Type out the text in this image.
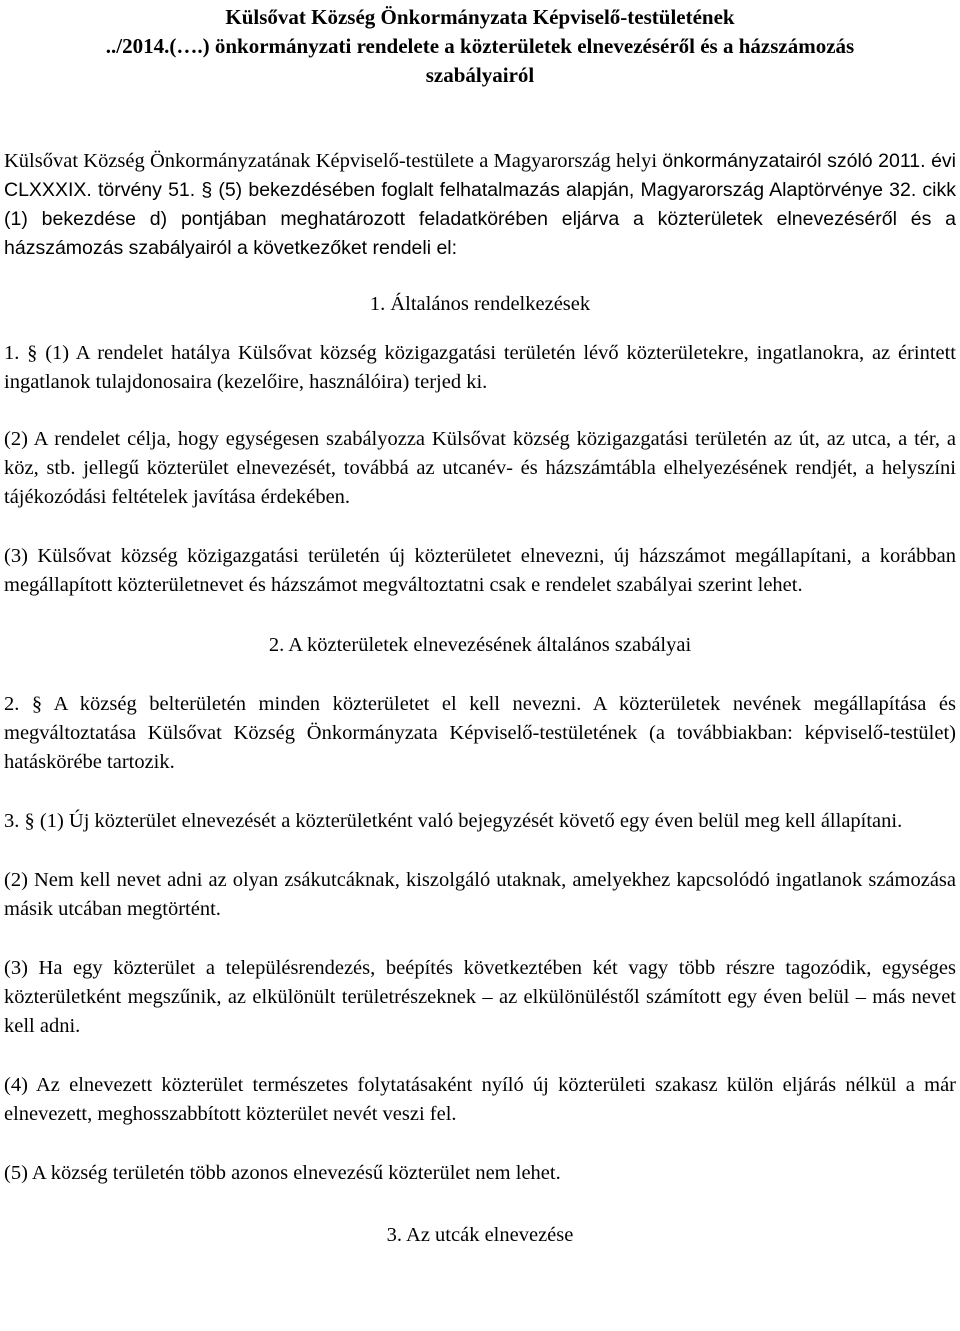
Külsővat Község Önkormányzata Képviselő-testületének
../2014.(….) önkormányzati rendelete a közterületek elnevezéséről és a házszámozás
szabályairól

Külsővat Község Önkormányzatának Képviselő-testülete a Magyarország helyi önkormányzatairól szóló 2011. évi CLXXXIX. törvény 51. § (5) bekezdésében foglalt felhatalmazás alapján, Magyarország Alaptörvénye 32. cikk (1) bekezdése d) pontjában meghatározott feladatkörében eljárva a közterületek elnevezéséről és a házszámozás szabályairól a következőket rendeli el:

1. Általános rendelkezések

1. § (1) A rendelet hatálya Külsővat község közigazgatási területén lévő közterületekre, ingatlanokra, az érintett ingatlanok tulajdonosaira (kezelőire, használóira) terjed ki.

(2) A rendelet célja, hogy egységesen szabályozza Külsővat község közigazgatási területén az út, az utca, a tér, a köz, stb. jellegű közterület elnevezését, továbbá az utcanév- és házszámtábla elhelyezésének rendjét, a helyszíni tájékozódási feltételek javítása érdekében.

(3) Külsővat község közigazgatási területén új közterületet elnevezni, új házszámot megállapítani, a korábban megállapított közterületnevet és házszámot megváltoztatni csak e rendelet szabályai szerint lehet.

2. A közterületek elnevezésének általános szabályai

2. § A község belterületén minden közterületet el kell nevezni. A közterületek nevének megállapítása és megváltoztatása Külsővat Község Önkormányzata Képviselő-testületének (a továbbiakban: képviselő-testület) hatáskörébe tartozik.

3. § (1) Új közterület elnevezését a közterületként való bejegyzését követő egy éven belül meg kell állapítani.

(2) Nem kell nevet adni az olyan zsákutcáknak, kiszolgáló utaknak, amelyekhez kapcsolódó ingatlanok számozása másik utcában megtörtént.

(3) Ha egy közterület a településrendezés, beépítés következtében két vagy több részre tagozódik, egységes közterületként megszűnik, az elkülönült területrészeknek – az elkülönüléstől számított egy éven belül – más nevet kell adni.

(4) Az elnevezett közterület természetes folytatásaként nyíló új közterületi szakasz külön eljárás nélkül a már elnevezett, meghosszabbított közterület nevét veszi fel.

(5) A község területén több azonos elnevezésű közterület nem lehet.

3. Az utcák elnevezése
